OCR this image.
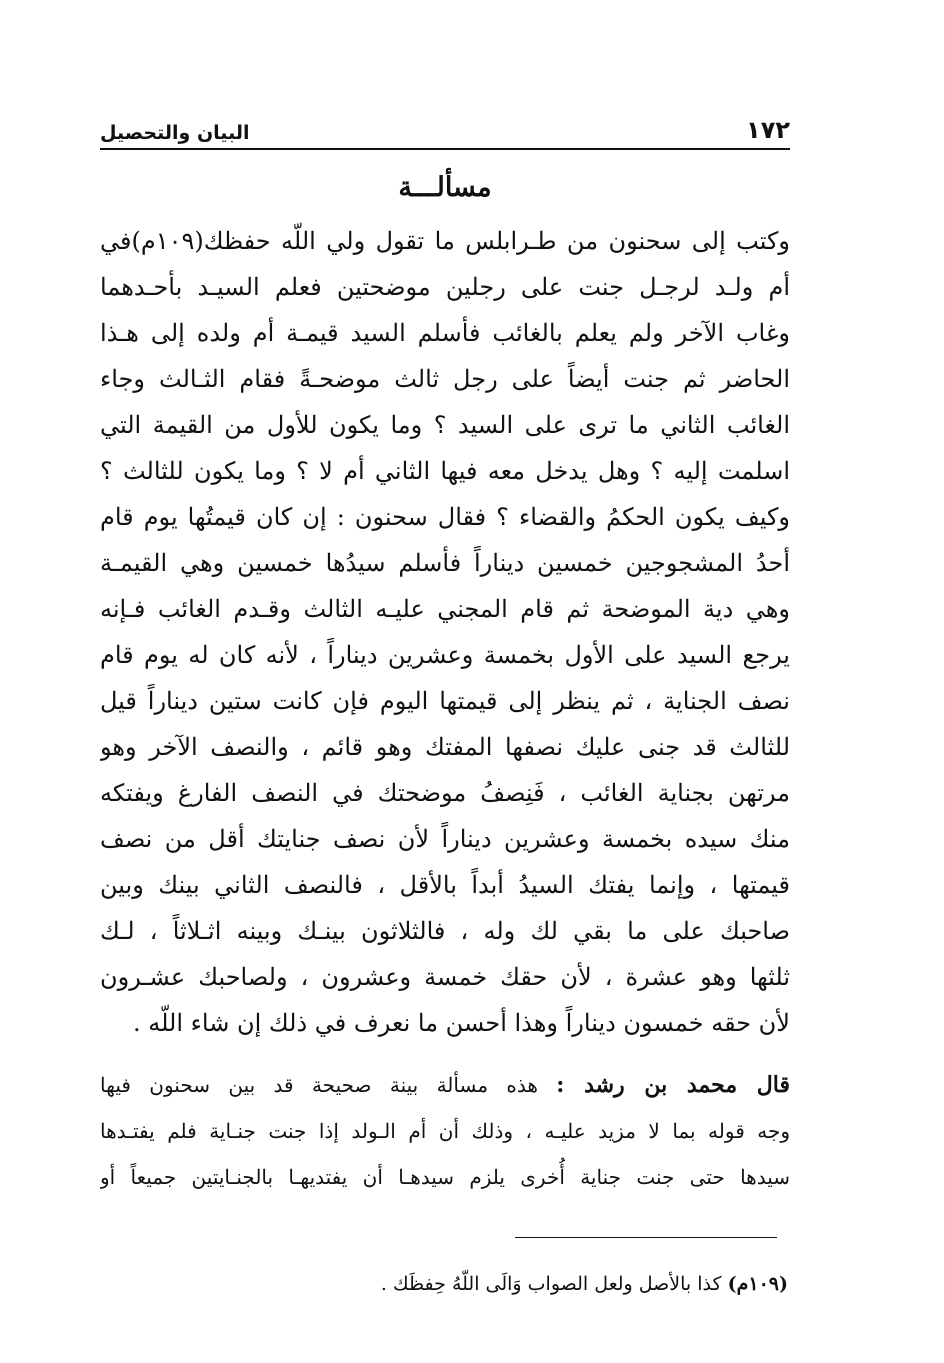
١٧٢
البيان والتحصيل
مسألـــة
وكتب إلى سحنون من طـرابلس ما تقول ولي اللّه حفظك(١٠٩م)في
أم ولـد لرجـل جنت على رجلين موضحتين فعلم السيـد بأحـدهما
وغاب الآخر ولم يعلم بالغائب فأسلم السيد قيمـة أم ولده إلى هـذا
الحاضر ثم جنت أيضاً على رجل ثالث موضحـةً فقام الثـالث وجاء
الغائب الثاني ما ترى على السيد ؟ وما يكون للأول من القيمة التي
اسلمت إليه ؟ وهل يدخل معه فيها الثاني أم لا ؟ وما يكون للثالث ؟
وكيف يكون الحكمُ والقضاء ؟ فقال سحنون : إن كان قيمتُها يوم قام
أحدُ المشجوجين خمسين ديناراً فأسلم سيدُها خمسين وهي القيمـة
وهي دية الموضحة ثم قام المجني عليـه الثالث وقـدم الغائب فـإنه
يرجع السيد على الأول بخمسة وعشرين ديناراً ، لأنه كان له يوم قام
نصف الجناية ، ثم ينظر إلى قيمتها اليوم فإن كانت ستين ديناراً قيل
للثالث قد جنى عليك نصفها المفتك وهو قائم ، والنصف الآخر وهو
مرتهن بجناية الغائب ، فَنِصفُ موضحتك في النصف الفارغ ويفتكه
منك سيده بخمسة وعشرين ديناراً لأن نصف جنايتك أقل من نصف
قيمتها ، وإنما يفتك السيدُ أبداً بالأقل ، فالنصف الثاني بينك وبين
صاحبك على ما بقي لك وله ، فالثلاثون بينـك وبينه اثـلاثاً ، لـك
ثلثها وهو عشرة ، لأن حقك خمسة وعشرون ، ولصاحبك عشـرون
لأن حقه خمسون ديناراً وهذا أحسن ما نعرف في ذلك إن شاء اللّه .
قال محمد بن رشد : هذه مسألة بينة صحيحة قد بين سحنون فيها
وجه قوله بما لا مزيد عليـه ، وذلك أن أم الـولد إذا جنت جنـاية فلم يفتـدها
سيدها حتى جنت جناية أُخرى يلزم سيدهـا أن يفتديهـا بالجنـايتين جميعاً أو
(١٠٩م) كذا بالأصل ولعل الصواب وَالَى اللّهُ حِفظَك .
